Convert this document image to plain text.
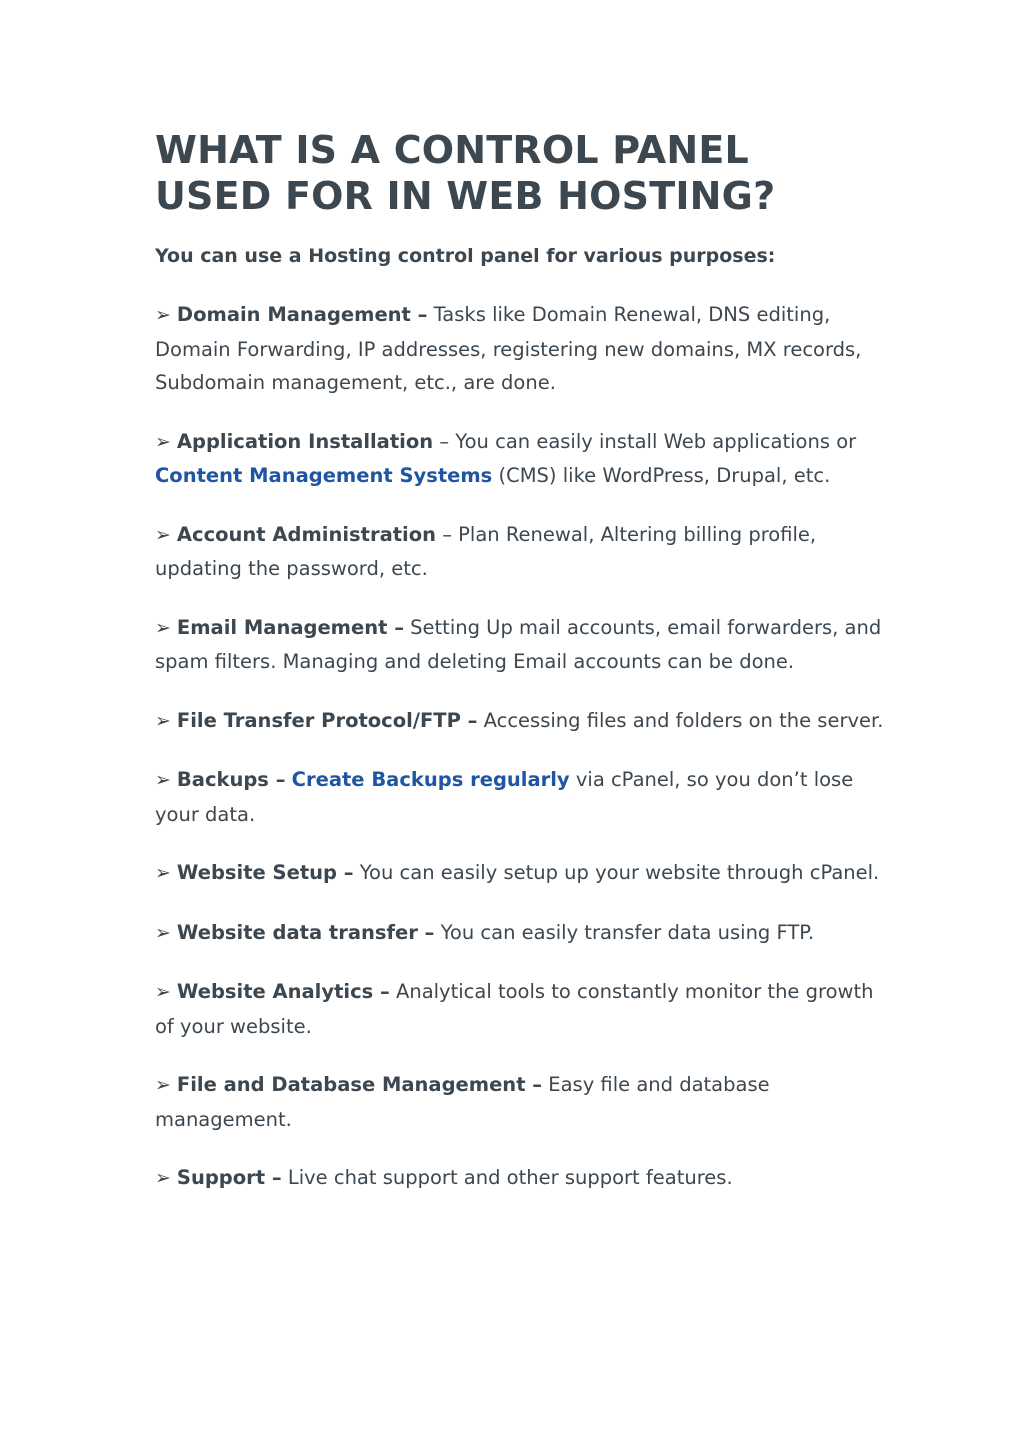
WHAT IS A CONTROL PANEL
USED FOR IN WEB HOSTING?

You can use a Hosting control panel for various purposes:

➢ Domain Management – Tasks like Domain Renewal, DNS editing, Domain Forwarding, IP addresses, registering new domains, MX records, Subdomain management, etc., are done.

➢ Application Installation – You can easily install Web applications or Content Management Systems (CMS) like WordPress, Drupal, etc.

➢ Account Administration – Plan Renewal, Altering billing profile, updating the password, etc.

➢ Email Management – Setting Up mail accounts, email forwarders, and spam filters. Managing and deleting Email accounts can be done.

➢ File Transfer Protocol/FTP – Accessing files and folders on the server.

➢ Backups – Create Backups regularly via cPanel, so you don’t lose your data.

➢ Website Setup – You can easily setup up your website through cPanel.

➢ Website data transfer – You can easily transfer data using FTP.

➢ Website Analytics – Analytical tools to constantly monitor the growth of your website.

➢ File and Database Management – Easy file and database management.

➢ Support – Live chat support and other support features.
